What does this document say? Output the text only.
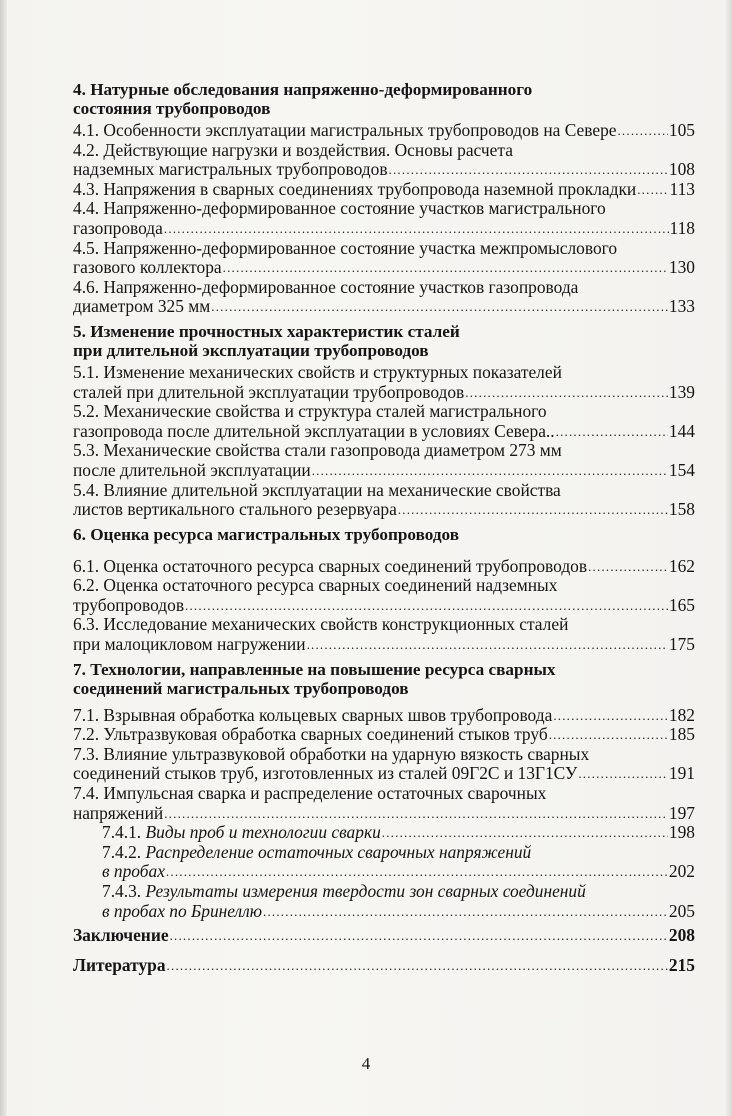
4. Натурные обследования напряженно-деформированного
состояния трубопроводов
4.1. Особенности эксплуатации магистральных трубопроводов на Севере .....	105
4.2. Действующие нагрузки и воздействия. Основы расчета
надземных магистральных трубопроводов .....	108
4.3. Напряжения в сварных соединениях трубопровода наземной прокладки ..... 113
4.4. Напряженно-деформированное состояние участков магистрального
газопровода .....	118
4.5. Напряженно-деформированное состояние участка межпромыслового
газового коллектора .....	130
4.6. Напряженно-деформированное состояние участков газопровода
диаметром 325 мм .....	133
5. Изменение прочностных характеристик сталей
при длительной эксплуатации трубопроводов
5.1. Изменение механических свойств и структурных показателей
сталей при длительной эксплуатации трубопроводов .....	139
5.2. Механические свойства и структура сталей магистрального
газопровода после длительной эксплуатации в условиях Севера.. .....	144
5.3. Механические свойства стали газопровода диаметром 273 мм
после длительной эксплуатации .....	154
5.4. Влияние длительной эксплуатации на механические свойства
листов вертикального стального резервуара .....	158
6. Оценка ресурса магистральных трубопроводов
6.1. Оценка остаточного ресурса сварных соединений трубопроводов .....	162
6.2. Оценка остаточного ресурса сварных соединений надземных
трубопроводов .....	165
6.3. Исследование механических свойств конструкционных сталей
при малоцикловом нагружении .....	175
7. Технологии, направленные на повышение ресурса сварных
соединений магистральных трубопроводов
7.1. Взрывная обработка кольцевых сварных швов трубопровода .....	182
7.2. Ультразвуковая обработка сварных соединений стыков труб .....	185
7.3. Влияние ультразвуковой обработки на ударную вязкость сварных
соединений стыков труб, изготовленных из сталей 09Г2С и 13Г1СУ .....	191
7.4. Импульсная сварка и распределение остаточных сварочных
напряжений .....	197
7.4.1. Виды проб и технологии сварки .....	198
7.4.2. Распределение остаточных сварочных напряжений
в пробах .....	202
7.4.3. Результаты измерения твердости зон сварных соединений
в пробах по Бринеллю .....	205
Заключение .....	208
Литература .....	215
4
